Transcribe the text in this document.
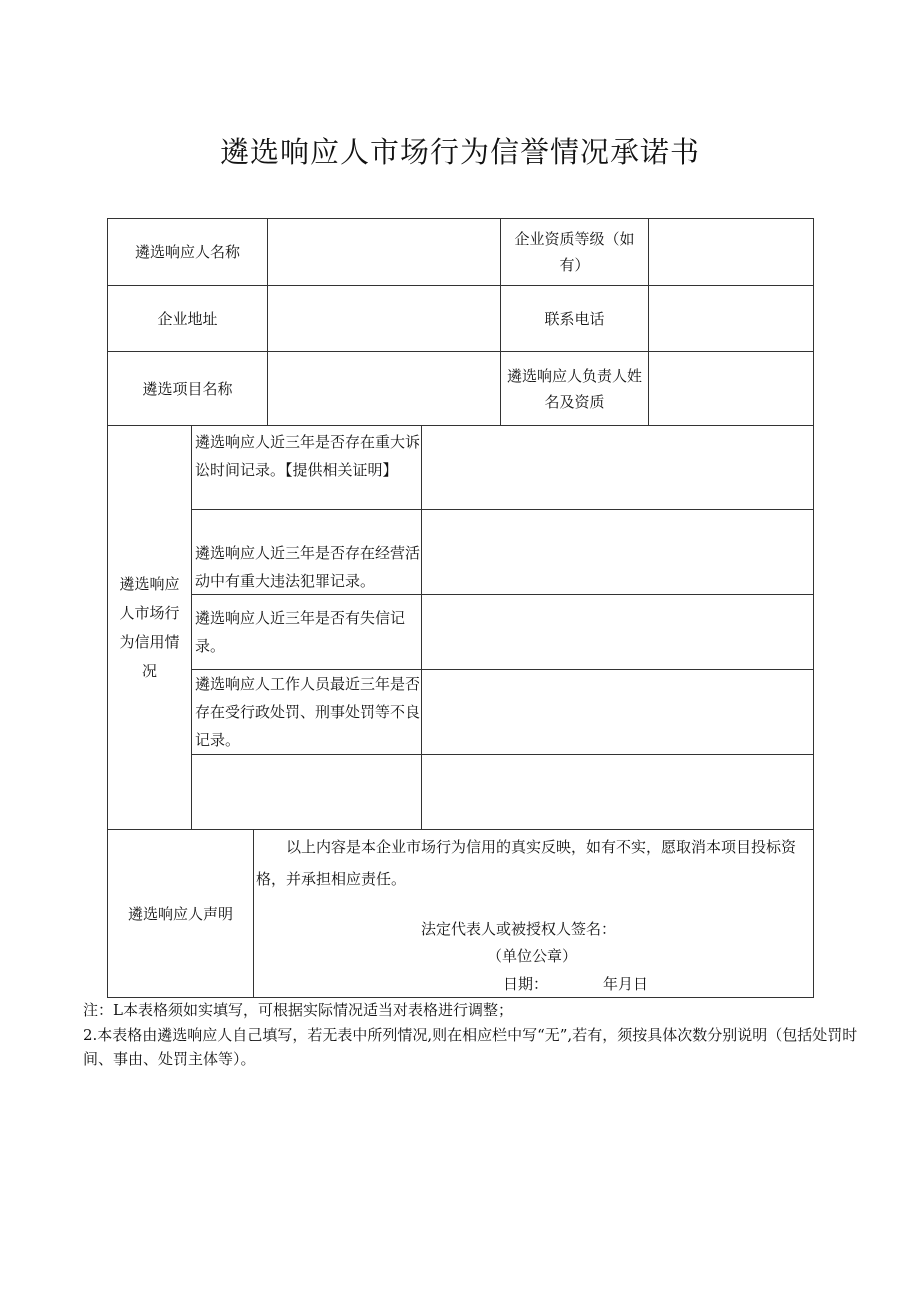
遴选响应人市场行为信誉情况承诺书
遴选响应人名称
企业资质等级（如有）
企业地址	联系电话
遴选项目名称
遴选响应人负责人姓名及资质
遴选响应人市场行为信用情况
遴选响应人近三年是否存在重大诉讼时间记录。【提供相关证明】
遴选响应人近三年是否存在经营活动中有重大违法犯罪记录。
遴选响应人近三年是否有失信记录。
遴选响应人工作人员最近三年是否存在受行政处罚、刑事处罚等不良记录。
遴选响应人声明
以上内容是本企业市场行为信用的真实反映，如有不实，愿取消本项目投标资格，并承担相应责任。
法定代表人或被授权人签名：
（单位公章）
日期：	年月日
注：L本表格须如实填写，可根据实际情况适当对表格进行调整；
2.本表格由遴选响应人自己填写，若无表中所列情况,则在相应栏中写“无”,若有，须按具体次数分别说明（包括处罚时间、事由、处罚主体等）。
